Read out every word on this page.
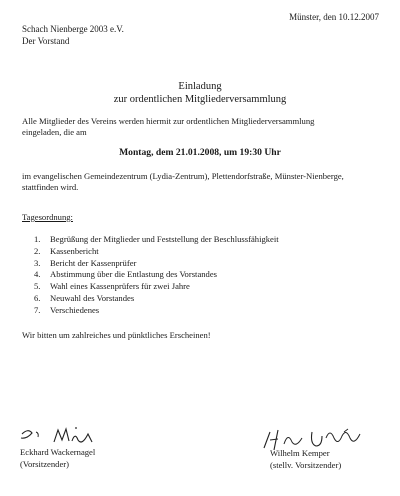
Münster, den 10.12.2007
Schach Nienberge 2003 e.V.
Der Vorstand
Einladung
zur ordentlichen Mitgliederversammlung
Alle Mitglieder des Vereins werden hiermit zur ordentlichen Mitgliederversammlung
eingeladen, die am
Montag, dem 21.01.2008, um 19:30 Uhr
im evangelischen Gemeindezentrum (Lydia-Zentrum), Plettendorfstraße, Münster-Nienberge,
stattfinden wird.
Tagesordnung:
1. Begrüßung der Mitglieder und Feststellung der Beschlussfähigkeit
2. Kassenbericht
3. Bericht der Kassenprüfer
4. Abstimmung über die Entlastung des Vorstandes
5. Wahl eines Kassenprüfers für zwei Jahre
6. Neuwahl des Vorstandes
7. Verschiedenes
Wir bitten um zahlreiches und pünktliches Erscheinen!
Eckhard Wackernagel
(Vorsitzender)
Wilhelm Kemper
(stellv. Vorsitzender)
